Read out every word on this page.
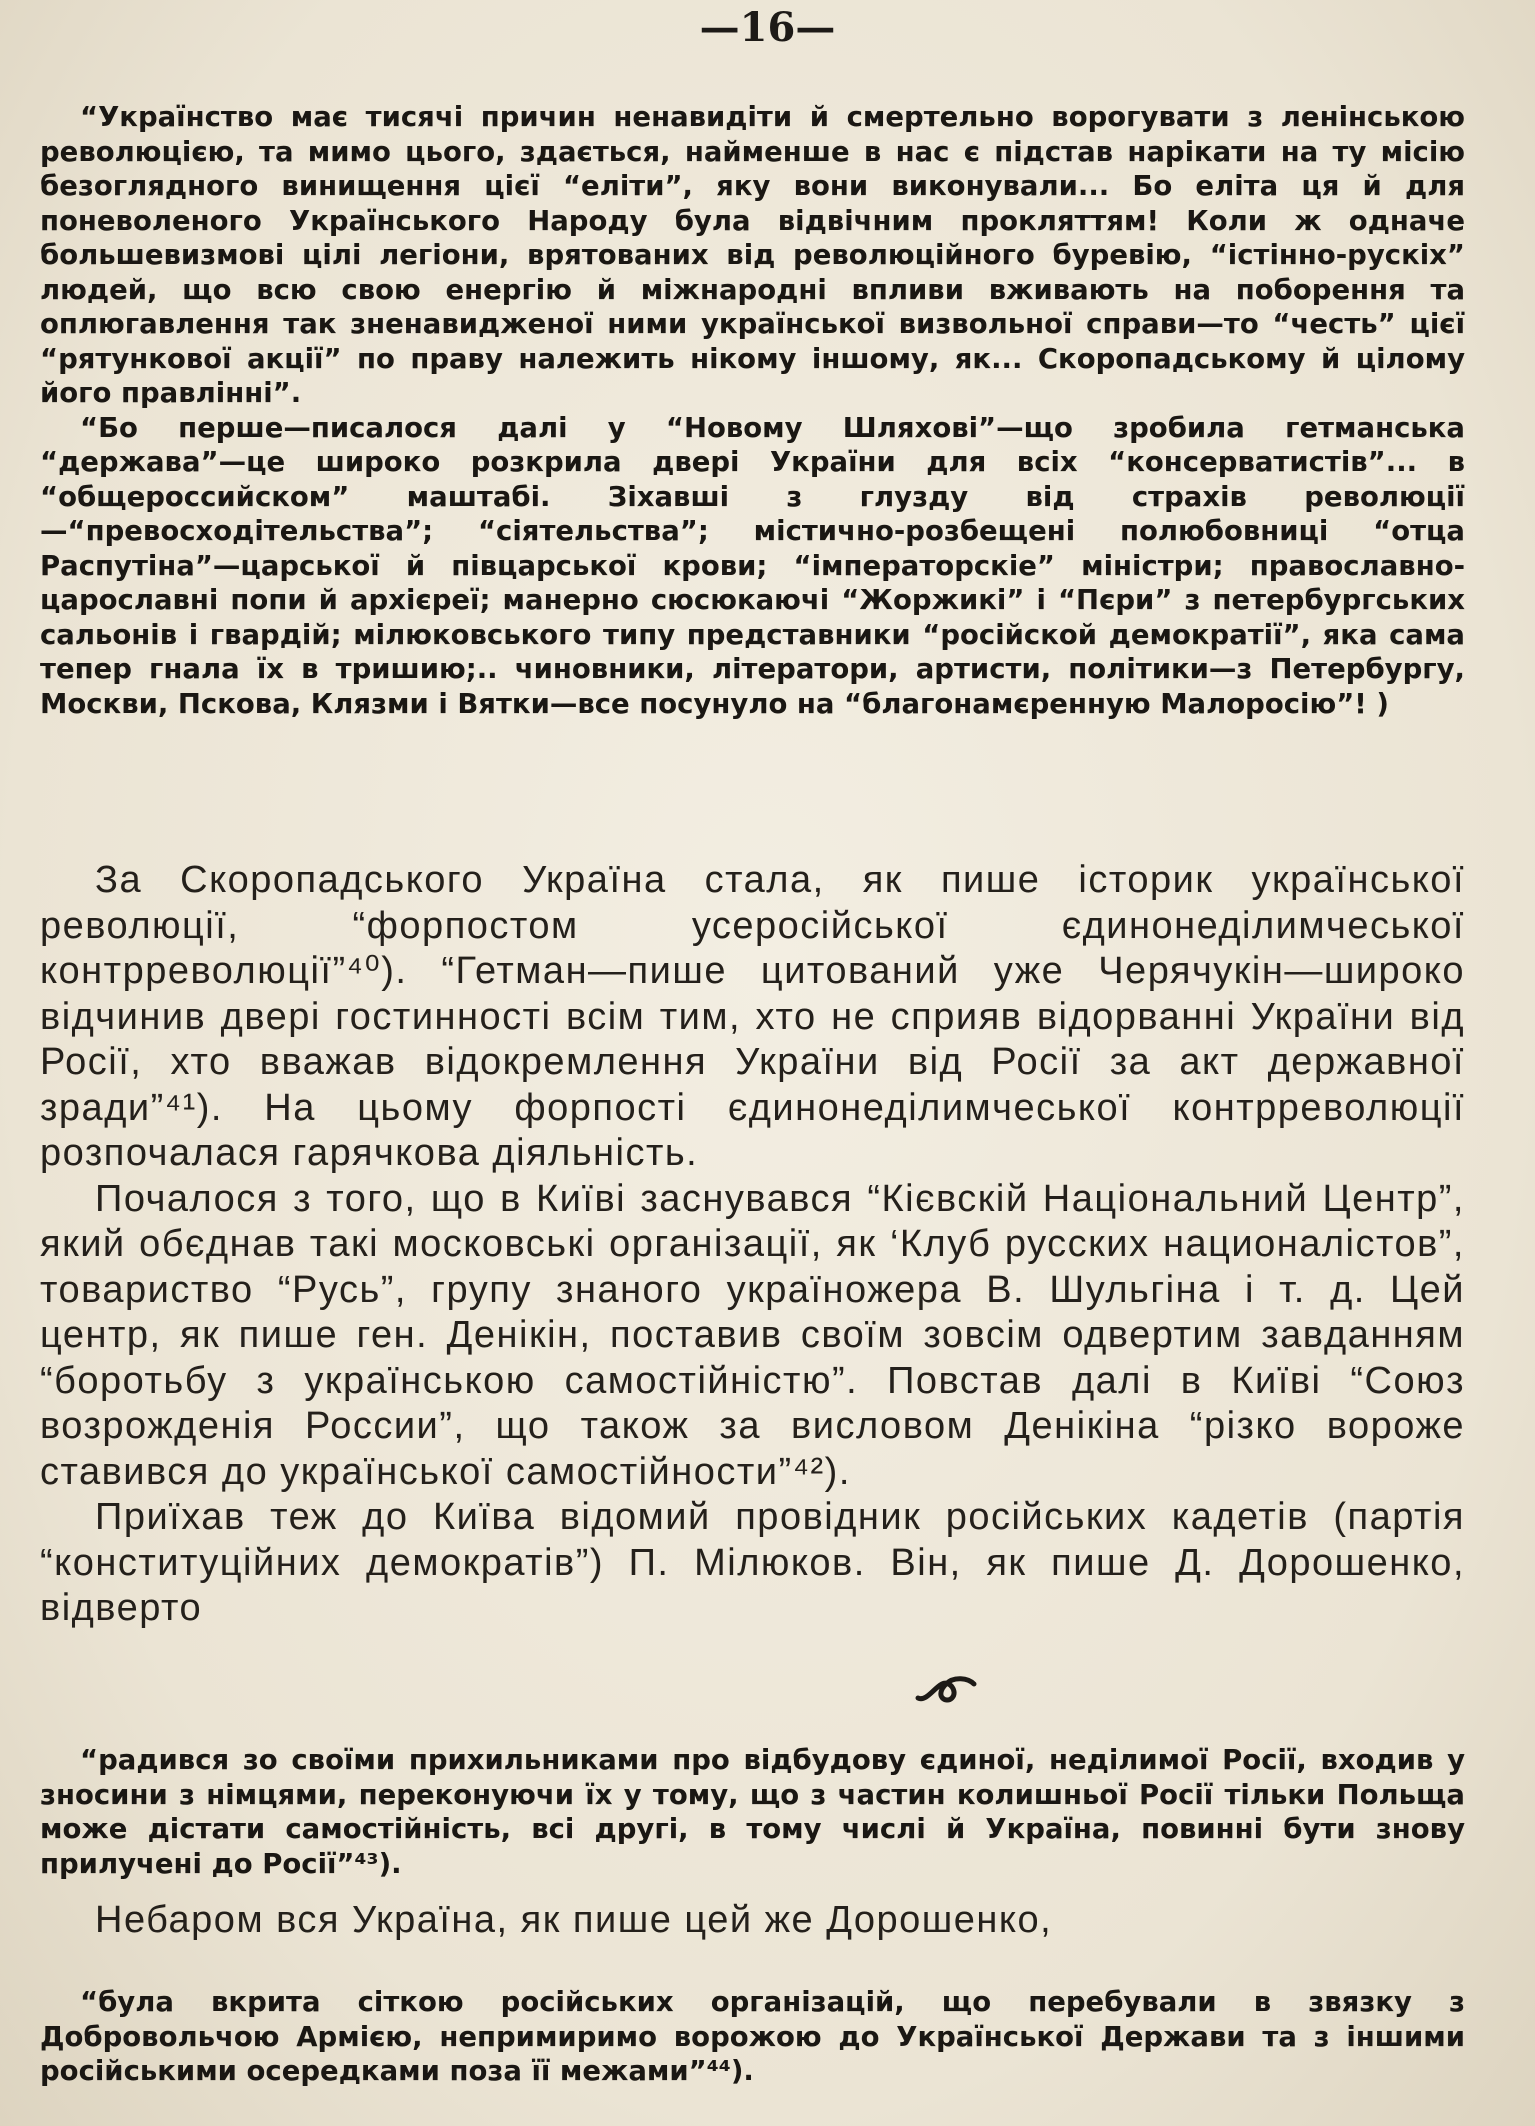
—16—

“Українство має тисячі причин ненавидіти й смертельно ворогувати з ленінською революцією, та мимо цього, здається, найменше в нас є підстав нарікати на ту місію безоглядного винищення цієї “еліти”, яку вони виконували... Бо еліта ця й для поневоленого Українського Народу була відвічним прокляттям! Коли ж одначе большевизмові цілі легіони, врятованих від революційного буревію, “істінно-рускіх” людей, що всю свою енергію й міжнародні впливи вживають на поборення та оплюгавлення так зненавидженої ними української визвольної справи—то “честь” цієї “рятункової акції” по праву належить нікому іншому, як... Скоропадському й цілому його правлінні”.

“Бо перше—писалося далі у “Новому Шляхові”—що зробила гетманська “держава”—це широко розкрила двері України для всіх “консерватистів”... в “общероссийском” маштабі. Зіхавші з глузду від страхів революції—“превосходітельства”; “сіятельства”; містично-розбещені полюбовниці “отца Распутіна”—царської й півцарської крови; “імператорскіе” міністри; православно-царославні попи й архієреї; манерно сюсюкаючі “Жоржикі” і “Пєри” з петербургських сальонів і гвардій; мілюковського типу представники “російской демократії”, яка сама тепер гнала їх в тришию;.. чиновники, літератори, артисти, політики—з Петербургу, Москви, Пскова, Клязми і Вятки—все посунуло на “благонамєренную Малоросію”! )

За Скоропадського Україна стала, як пише історик української революції, “форпостом усеросійської єдинонеділимчеської контрреволюції”⁴⁰). “Гетман—пише цитований уже Черячукін—широко відчинив двері гостинності всім тим, хто не сприяв відорванні України від Росії, хто вважав відокремлення України від Росії за акт державної зради”⁴¹). На цьому форпості єдинонеділимчеської контрреволюції розпочалася гарячкова діяльність.

Почалося з того, що в Київі заснувався “Кієвскій Національний Центр”, який обєднав такі московські організації, як ‘Клуб русских националістов”, товариство “Русь”, групу знаного україножера В. Шульгіна і т. д. Цей центр, як пише ген. Денікін, поставив своїм зовсім одвертим завданням “боротьбу з українською самостійністю”. Повстав далі в Київі “Союз возрожденія России”, що також за висловом Денікіна “різко вороже ставився до української самостійности”⁴²).

Приїхав теж до Київа відомий провідник російських кадетів (партія “конституційних демократів”) П. Мілюков. Він, як пише Д. Дорошенко, відверто

“радився зо своїми прихильниками про відбудову єдиної, неділимої Росії, входив у зносини з німцями, переконуючи їх у тому, що з частин колишньої Росії тільки Польща може дістати самостійність, всі другі, в тому числі й Україна, повинні бути знову прилучені до Росії”⁴³).

Небаром вся Україна, як пише цей же Дорошенко,

“була вкрита сіткою російських організацій, що перебували в звязку з Добровольчою Армією, непримиримо ворожою до Української Держави та з іншими російськими осередками поза її межами”⁴⁴).
